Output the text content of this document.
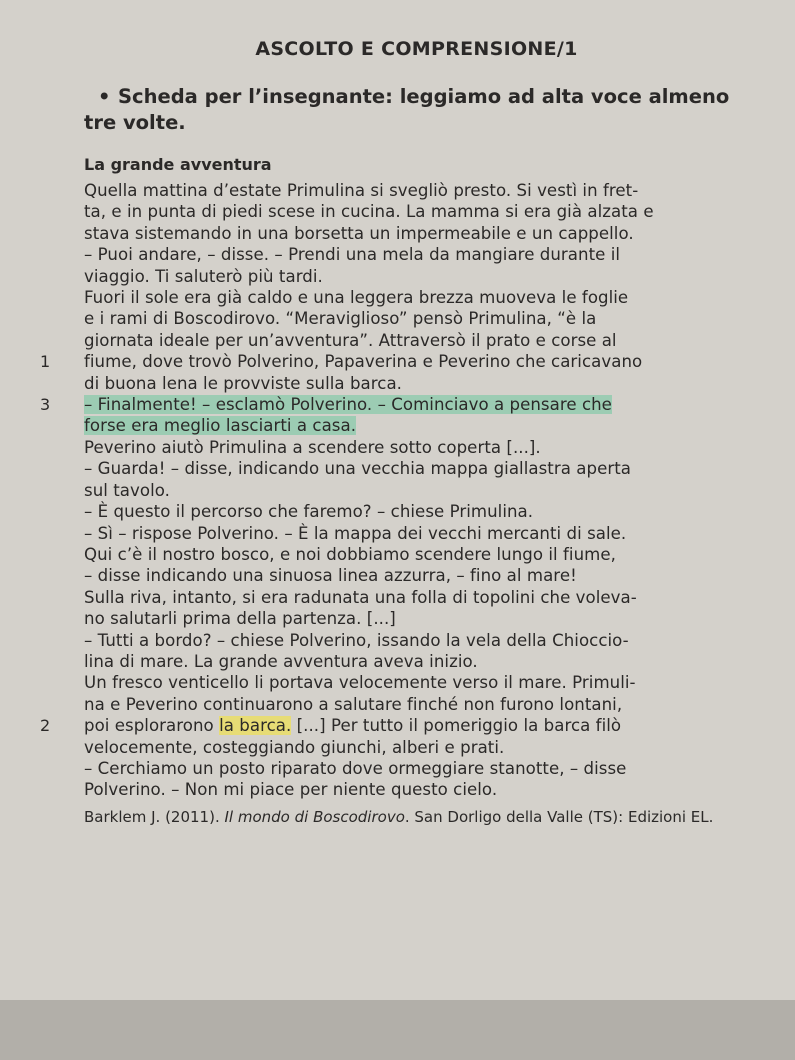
ASCOLTO E COMPRENSIONE/1
• Scheda per l’insegnante: leggiamo ad alta voce almeno tre volte.
La grande avventura
Quella mattina d’estate Primulina si svegliò presto. Si vestì in fret-
ta, e in punta di piedi scese in cucina. La mamma si era già alzata e
stava sistemando in una borsetta un impermeabile e un cappello.
– Puoi andare, – disse. – Prendi una mela da mangiare durante il
viaggio. Ti saluterò più tardi.
Fuori il sole era già caldo e una leggera brezza muoveva le foglie
e i rami di Boscodirovo. “Meraviglioso” pensò Primulina, “è la
giornata ideale per un’avventura”. Attraversò il prato e corse al
1 fiume, dove trovò Polverino, Papaverina e Peverino che caricavano
di buona lena le provviste sulla barca.
3 – Finalmente! – esclamò Polverino. – Cominciavo a pensare che
forse era meglio lasciarti a casa.
Peverino aiutò Primulina a scendere sotto coperta [...].
– Guarda! – disse, indicando una vecchia mappa giallastra aperta
sul tavolo.
– È questo il percorso che faremo? – chiese Primulina.
– Sì – rispose Polverino. – È la mappa dei vecchi mercanti di sale.
Qui c’è il nostro bosco, e noi dobbiamo scendere lungo il fiume,
– disse indicando una sinuosa linea azzurra, – fino al mare!
Sulla riva, intanto, si era radunata una folla di topolini che voleva-
no salutarli prima della partenza. [...]
– Tutti a bordo? – chiese Polverino, issando la vela della Chioccio-
lina di mare. La grande avventura aveva inizio.
Un fresco venticello li portava velocemente verso il mare. Primuli-
na e Peverino continuarono a salutare finché non furono lontani,
2 poi esplorarono la barca. [...] Per tutto il pomeriggio la barca filò
velocemente, costeggiando giunchi, alberi e prati.
– Cerchiamo un posto riparato dove ormeggiare stanotte, – disse
Polverino. – Non mi piace per niente questo cielo.
Barklem J. (2011). Il mondo di Boscodirovo. San Dorligo della Valle (TS): Edizioni EL.
